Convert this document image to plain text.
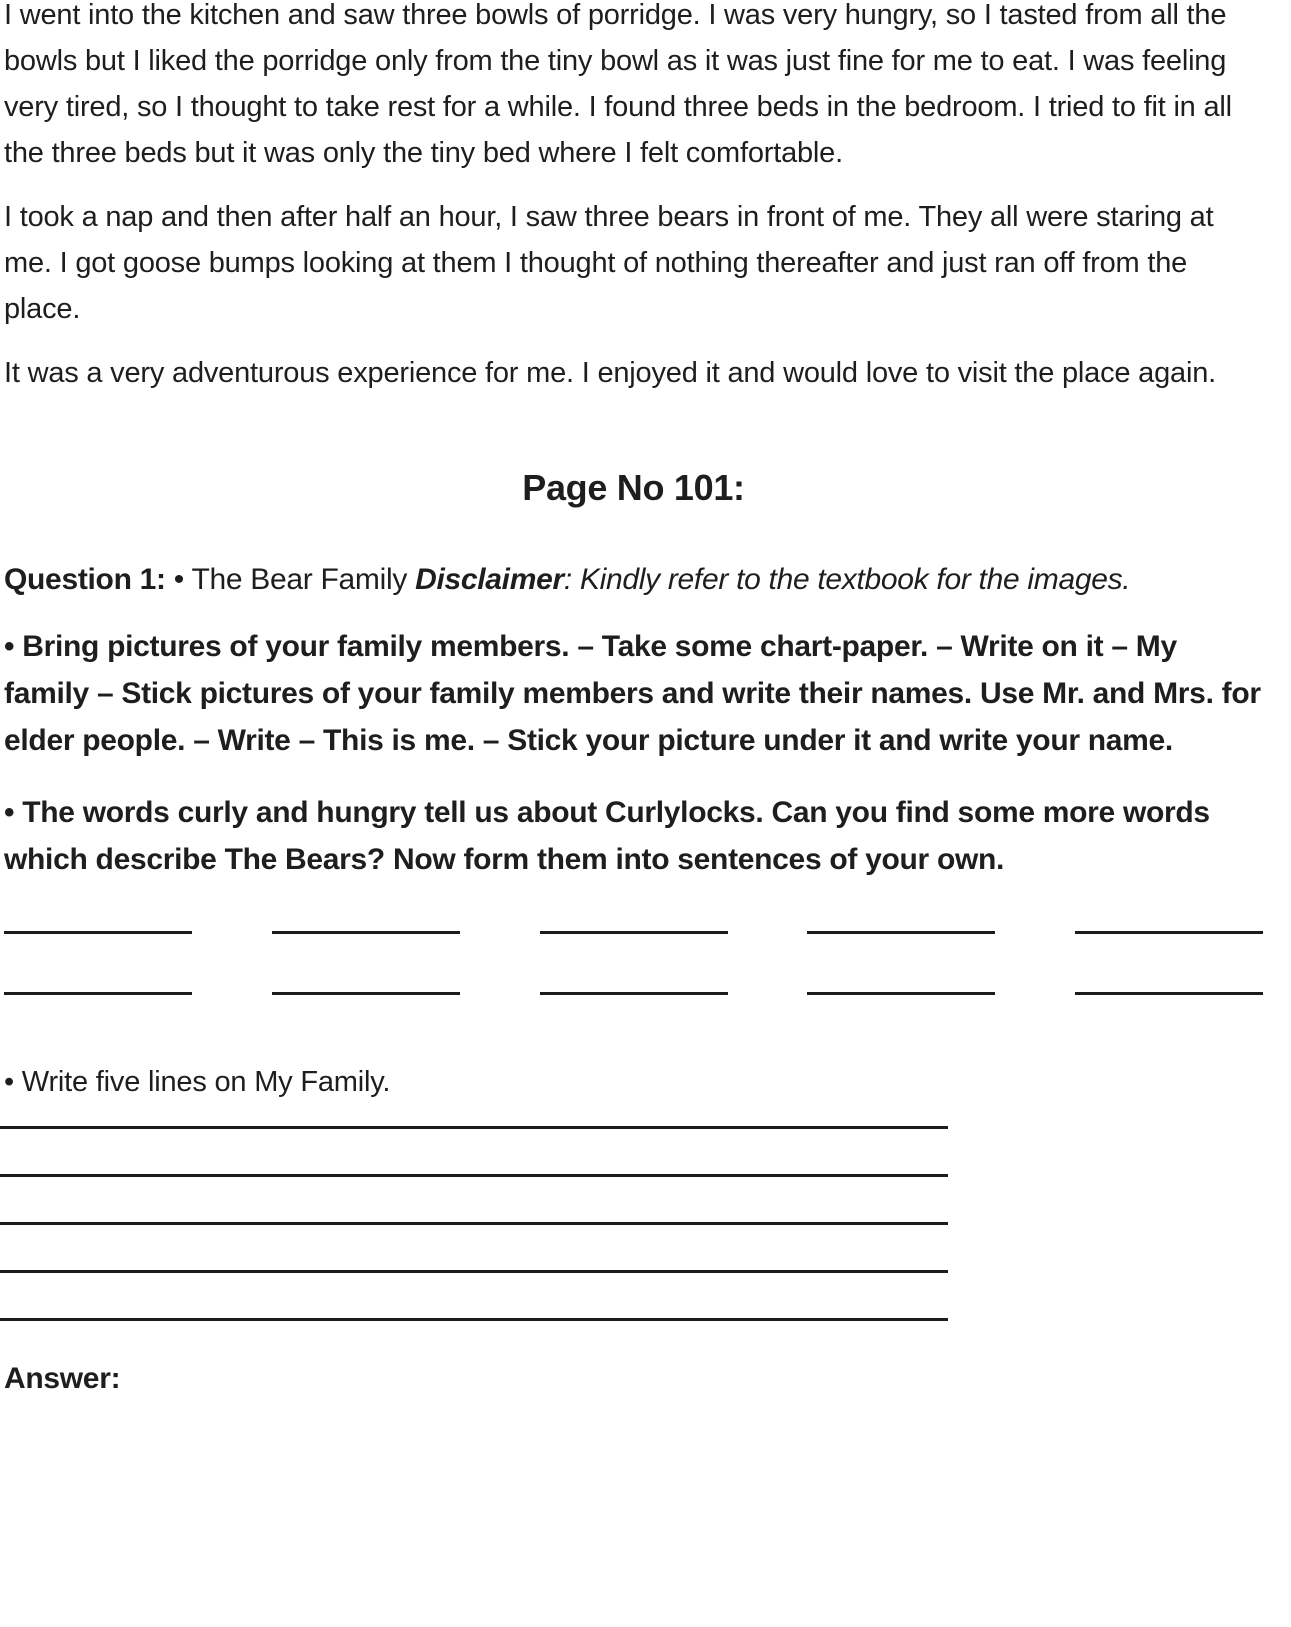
I went into the kitchen and saw three bowls of porridge. I was very hungry, so I tasted from all the bowls but I liked the porridge only from the tiny bowl as it was just fine for me to eat. I was feeling very tired, so I thought to take rest for a while. I found three beds in the bedroom. I tried to fit in all the three beds but it was only the tiny bed where I felt comfortable.

I took a nap and then after half an hour, I saw three bears in front of me. They all were staring at me. I got goose bumps looking at them I thought of nothing thereafter and just ran off from the place.

It was a very adventurous experience for me. I enjoyed it and would love to visit the place again.

Page No 101:

Question 1: • The Bear Family Disclaimer: Kindly refer to the textbook for the images.

• Bring pictures of your family members. – Take some chart-paper. – Write on it – My family – Stick pictures of your family members and write their names. Use Mr. and Mrs. for elder people. – Write – This is me. – Stick your picture under it and write your name.

• The words curly and hungry tell us about Curlylocks. Can you find some more words which describe The Bears? Now form them into sentences of your own.

• Write five lines on My Family.

Answer:
